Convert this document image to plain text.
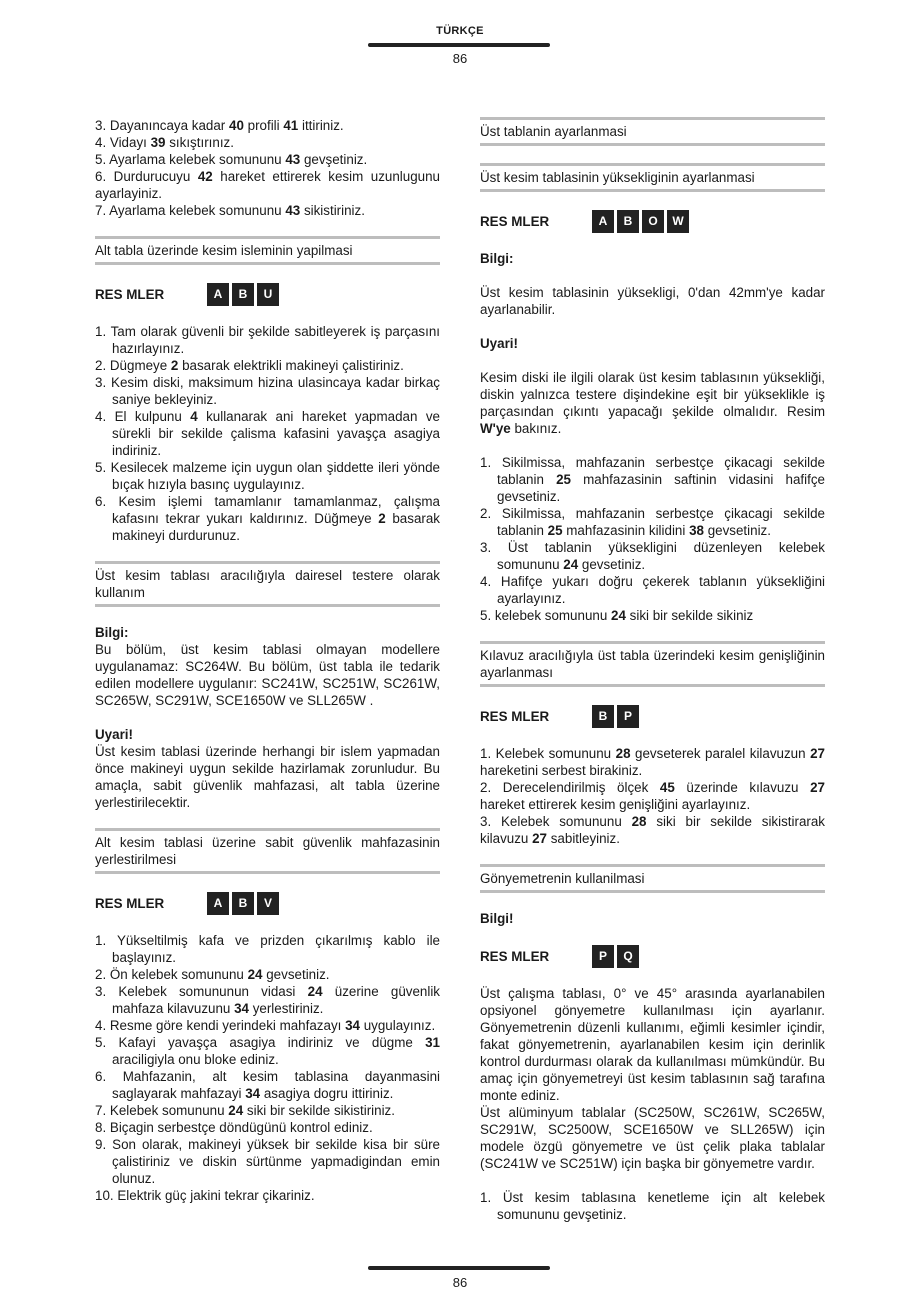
TÜRKÇE
86
3. Dayanıncaya kadar 40 profili 41 ittiriniz.
4. Vidayı 39 sıkıştırınız.
5. Ayarlama kelebek somununu 43 gevşetiniz.
6. Durdurucuyu 42 hareket ettirerek kesim uzunlugunu ayarlayiniz.
7. Ayarlama kelebek somununu 43 sikistiriniz.
Alt tabla üzerinde kesim isleminin yapilmasi
RES MLER	A	B	U
1. Tam olarak güvenli bir şekilde sabitleyerek iş parçasını hazırlayınız.
2. Dügmeye 2 basarak elektrikli makineyi çalistiriniz.
3. Kesim diski, maksimum hizina ulasincaya kadar birkaç saniye bekleyiniz.
4. El kulpunu 4 kullanarak ani hareket yapmadan ve sürekli bir sekilde çalisma kafasini yavaşça asagiya indiriniz.
5. Kesilecek malzeme için uygun olan şiddette ileri yönde bıçak hızıyla basınç uygulayınız.
6. Kesim işlemi tamamlanır tamamlanmaz, çalışma kafasını tekrar yukarı kaldırınız. Düğmeye 2 basarak makineyi durdurunuz.
Üst kesim tablası aracılığıyla dairesel testere olarak kullanım
Bilgi:
Bu bölüm, üst kesim tablasi olmayan modellere uygulanamaz: SC264W. Bu bölüm, üst tabla ile tedarik edilen modellere uygulanır: SC241W, SC251W, SC261W, SC265W, SC291W, SCE1650W ve SLL265W .
Uyari!
Üst kesim tablasi üzerinde herhangi bir islem yapmadan önce makineyi uygun sekilde hazirlamak zorunludur. Bu amaçla, sabit güvenlik mahfazasi, alt tabla üzerine yerlestirilecektir.
Alt kesim tablasi üzerine sabit güvenlik mahfazasinin yerlestirilmesi
RES MLER	A	B	V
1. Yükseltilmiş kafa ve prizden çıkarılmış kablo ile başlayınız.
2. Ön kelebek somununu 24 gevsetiniz.
3. Kelebek somununun vidasi 24 üzerine güvenlik mahfaza kilavuzunu 34 yerlestiriniz.
4. Resme göre kendi yerindeki mahfazayı 34 uygulayınız.
5. Kafayi yavaşça asagiya indiriniz ve dügme 31 araciligiyla onu bloke ediniz.
6. Mahfazanin, alt kesim tablasina dayanmasini saglayarak mahfazayi 34 asagiya dogru ittiriniz.
7. Kelebek somununu 24 siki bir sekilde sikistiriniz.
8. Biçagin serbestçe döndügünü kontrol ediniz.
9. Son olarak, makineyi yüksek bir sekilde kisa bir süre çalistiriniz ve diskin sürtünme yapmadigindan emin olunuz.
10. Elektrik güç jakini tekrar çikariniz.
Üst tablanin ayarlanmasi
Üst kesim tablasinin yüksekliginin ayarlanmasi
RES MLER	A	B	O	W
Bilgi:
Üst kesim tablasinin yüksekligi, 0'dan 42mm'ye kadar ayarlanabilir.
Uyari!
Kesim diski ile ilgili olarak üst kesim tablasının yüksekliği, diskin yalnızca testere dişindekine eşit bir yükseklikle iş parçasından çıkıntı yapacağı şekilde olmalıdır. Resim W'ye bakınız.
1. Sikilmissa, mahfazanin serbestçe çikacagi sekilde tablanin 25 mahfazasinin saftinin vidasini hafifçe gevsetiniz.
2. Sikilmissa, mahfazanin serbestçe çikacagi sekilde tablanin 25 mahfazasinin kilidini 38 gevsetiniz.
3. Üst tablanin yüksekligini düzenleyen kelebek somununu 24 gevsetiniz.
4. Hafifçe yukarı doğru çekerek tablanın yüksekliğini ayarlayınız.
5. kelebek somununu 24 siki bir sekilde sikiniz
Kılavuz aracılığıyla üst tabla üzerindeki kesim genişliğinin ayarlanması
RES MLER	B	P
1. Kelebek somununu 28 gevseterek paralel kilavuzun 27 hareketini serbest birakiniz.
2. Derecelendirilmiş ölçek 45 üzerinde kılavuzu 27 hareket ettirerek kesim genişliğini ayarlayınız.
3. Kelebek somununu 28 siki bir sekilde sikistirarak kilavuzu 27 sabitleyiniz.
Gönyemetrenin kullanilmasi
Bilgi!
RES MLER	P	Q
Üst çalışma tablası, 0° ve 45° arasında ayarlanabilen opsiyonel gönyemetre kullanılması için ayarlanır. Gönyemetrenin düzenli kullanımı, eğimli kesimler içindir, fakat gönyemetrenin, ayarlanabilen kesim için derinlik kontrol durdurması olarak da kullanılması mümkündür. Bu amaç için gönyemetreyi üst kesim tablasının sağ tarafına monte ediniz.
Üst alüminyum tablalar (SC250W, SC261W, SC265W, SC291W, SC2500W, SCE1650W ve SLL265W) için modele özgü gönyemetre ve üst çelik plaka tablalar (SC241W ve SC251W) için başka bir gönyemetre vardır.
1. Üst kesim tablasına kenetleme için alt kelebek somununu gevşetiniz.
86
